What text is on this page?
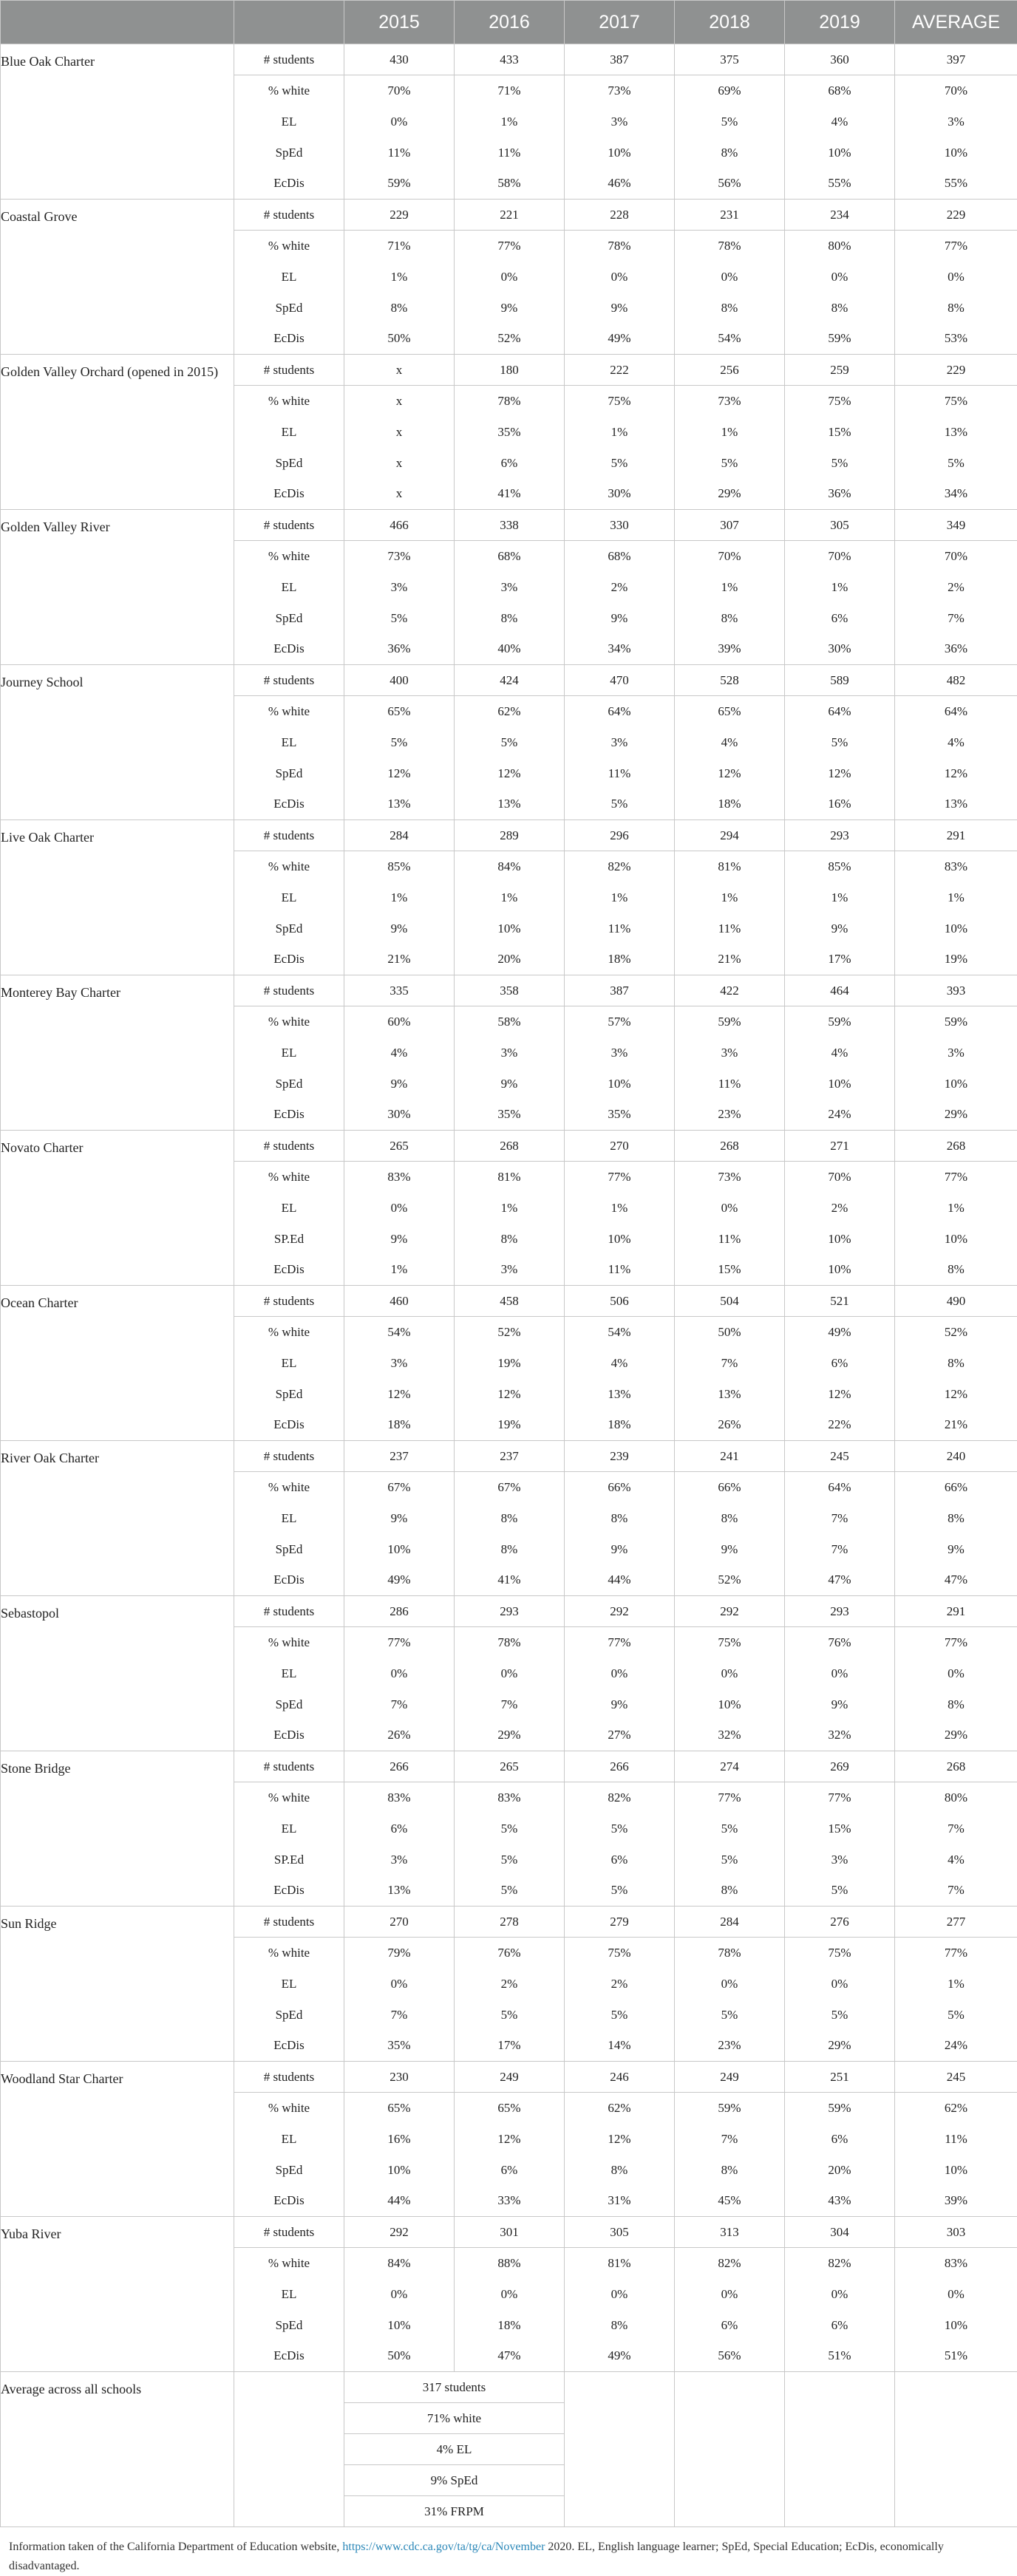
		2015	2016	2017	2018	2019	AVERAGE
Blue Oak Charter	# students	430	433	387	375	360	397
	% white	70%	71%	73%	69%	68%	70%
	EL	0%	1%	3%	5%	4%	3%
	SpEd	11%	11%	10%	8%	10%	10%
	EcDis	59%	58%	46%	56%	55%	55%
Coastal Grove	# students	229	221	228	231	234	229
	% white	71%	77%	78%	78%	80%	77%
	EL	1%	0%	0%	0%	0%	0%
	SpEd	8%	9%	9%	8%	8%	8%
	EcDis	50%	52%	49%	54%	59%	53%
Golden Valley Orchard (opened in 2015)	# students	x	180	222	256	259	229
	% white	x	78%	75%	73%	75%	75%
	EL	x	35%	1%	1%	15%	13%
	SpEd	x	6%	5%	5%	5%	5%
	EcDis	x	41%	30%	29%	36%	34%
Golden Valley River	# students	466	338	330	307	305	349
	% white	73%	68%	68%	70%	70%	70%
	EL	3%	3%	2%	1%	1%	2%
	SpEd	5%	8%	9%	8%	6%	7%
	EcDis	36%	40%	34%	39%	30%	36%
Journey School	# students	400	424	470	528	589	482
	% white	65%	62%	64%	65%	64%	64%
	EL	5%	5%	3%	4%	5%	4%
	SpEd	12%	12%	11%	12%	12%	12%
	EcDis	13%	13%	5%	18%	16%	13%
Live Oak Charter	# students	284	289	296	294	293	291
	% white	85%	84%	82%	81%	85%	83%
	EL	1%	1%	1%	1%	1%	1%
	SpEd	9%	10%	11%	11%	9%	10%
	EcDis	21%	20%	18%	21%	17%	19%
Monterey Bay Charter	# students	335	358	387	422	464	393
	% white	60%	58%	57%	59%	59%	59%
	EL	4%	3%	3%	3%	4%	3%
	SpEd	9%	9%	10%	11%	10%	10%
	EcDis	30%	35%	35%	23%	24%	29%
Novato Charter	# students	265	268	270	268	271	268
	% white	83%	81%	77%	73%	70%	77%
	EL	0%	1%	1%	0%	2%	1%
	SP.Ed	9%	8%	10%	11%	10%	10%
	EcDis	1%	3%	11%	15%	10%	8%
Ocean Charter	# students	460	458	506	504	521	490
	% white	54%	52%	54%	50%	49%	52%
	EL	3%	19%	4%	7%	6%	8%
	SpEd	12%	12%	13%	13%	12%	12%
	EcDis	18%	19%	18%	26%	22%	21%
River Oak Charter	# students	237	237	239	241	245	240
	% white	67%	67%	66%	66%	64%	66%
	EL	9%	8%	8%	8%	7%	8%
	SpEd	10%	8%	9%	9%	7%	9%
	EcDis	49%	41%	44%	52%	47%	47%
Sebastopol	# students	286	293	292	292	293	291
	% white	77%	78%	77%	75%	76%	77%
	EL	0%	0%	0%	0%	0%	0%
	SpEd	7%	7%	9%	10%	9%	8%
	EcDis	26%	29%	27%	32%	32%	29%
Stone Bridge	# students	266	265	266	274	269	268
	% white	83%	83%	82%	77%	77%	80%
	EL	6%	5%	5%	5%	15%	7%
	SP.Ed	3%	5%	6%	5%	3%	4%
	EcDis	13%	5%	5%	8%	5%	7%
Sun Ridge	# students	270	278	279	284	276	277
	% white	79%	76%	75%	78%	75%	77%
	EL	0%	2%	2%	0%	0%	1%
	SpEd	7%	5%	5%	5%	5%	5%
	EcDis	35%	17%	14%	23%	29%	24%
Woodland Star Charter	# students	230	249	246	249	251	245
	% white	65%	65%	62%	59%	59%	62%
	EL	16%	12%	12%	7%	6%	11%
	SpEd	10%	6%	8%	8%	20%	10%
	EcDis	44%	33%	31%	45%	43%	39%
Yuba River	# students	292	301	305	313	304	303
	% white	84%	88%	81%	82%	82%	83%
	EL	0%	0%	0%	0%	0%	0%
	SpEd	10%	18%	8%	6%	6%	10%
	EcDis	50%	47%	49%	56%	51%	51%
Average across all schools		317 students					
		71% white					
		4% EL					
		9% SpEd					
		31% FRPM					
Information taken of the California Department of Education website, https://www.cdc.ca.gov/ta/tg/ca/November 2020. EL, English language learner; SpEd, Special Education; EcDis, economically disadvantaged.
